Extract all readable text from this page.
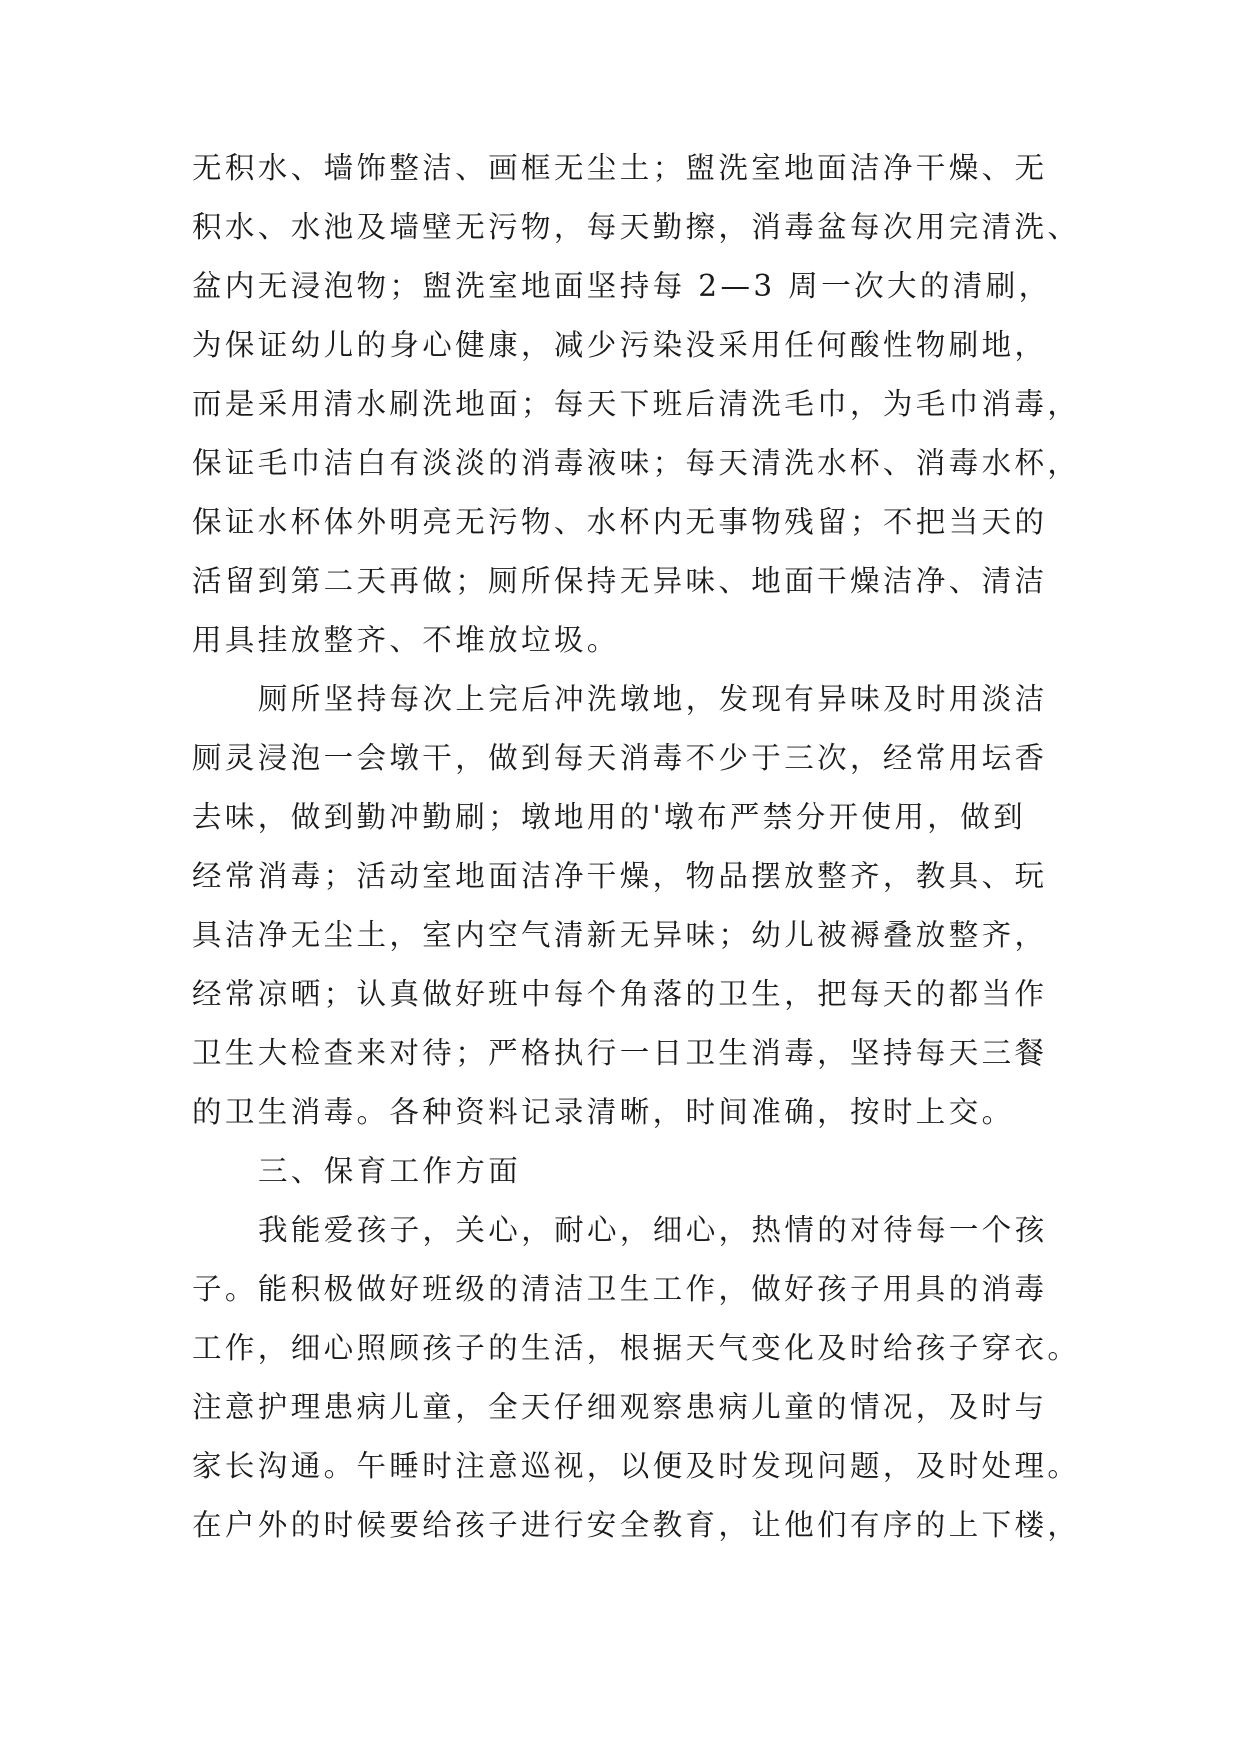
无积水、墙饰整洁、画框无尘土；盥洗室地面洁净干燥、无
积水、水池及墙壁无污物，每天勤擦，消毒盆每次用完清洗、
盆内无浸泡物；盥洗室地面坚持每 2—3 周一次大的清刷，
为保证幼儿的身心健康，减少污染没采用任何酸性物刷地，
而是采用清水刷洗地面；每天下班后清洗毛巾，为毛巾消毒，
保证毛巾洁白有淡淡的消毒液味；每天清洗水杯、消毒水杯，
保证水杯体外明亮无污物、水杯内无事物残留；不把当天的
活留到第二天再做；厕所保持无异味、地面干燥洁净、清洁
用具挂放整齐、不堆放垃圾。
厕所坚持每次上完后冲洗墩地，发现有异味及时用淡洁
厕灵浸泡一会墩干，做到每天消毒不少于三次，经常用坛香
去味，做到勤冲勤刷；墩地用的'墩布严禁分开使用，做到
经常消毒；活动室地面洁净干燥，物品摆放整齐，教具、玩
具洁净无尘土，室内空气清新无异味；幼儿被褥叠放整齐，
经常凉晒；认真做好班中每个角落的卫生，把每天的都当作
卫生大检查来对待；严格执行一日卫生消毒，坚持每天三餐
的卫生消毒。各种资料记录清晰，时间准确，按时上交。
三、保育工作方面
我能爱孩子，关心，耐心，细心，热情的对待每一个孩
子。能积极做好班级的清洁卫生工作，做好孩子用具的消毒
工作，细心照顾孩子的生活，根据天气变化及时给孩子穿衣。
注意护理患病儿童，全天仔细观察患病儿童的情况，及时与
家长沟通。午睡时注意巡视，以便及时发现问题，及时处理。
在户外的时候要给孩子进行安全教育，让他们有序的上下楼，
